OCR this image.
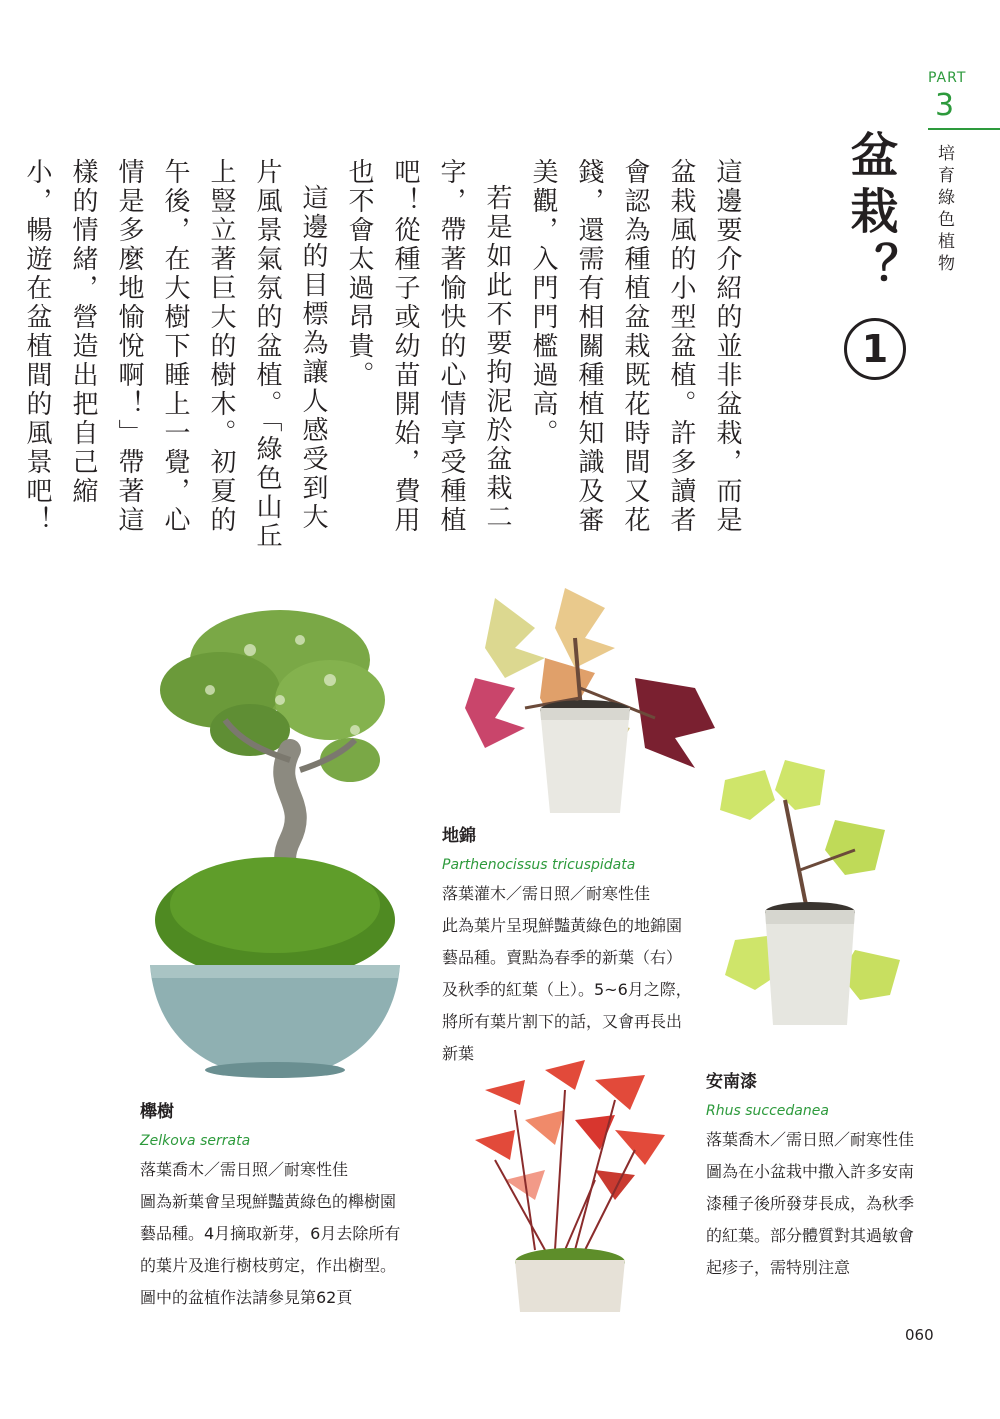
PART
3
培育綠色植物
盆栽？
1

這邊要介紹的並非盆栽，而是盆栽風的小型盆植。許多讀者會認為種植盆栽既花時間又花錢，還需有相關種植知識及審美觀，入門門檻過高。

若是如此不要拘泥於盆栽二字，帶著愉快的心情享受種植吧！從種子或幼苗開始，費用也不會太過昂貴。

這邊的目標為讓人感受到大片風景氣氛的盆植。「綠色山丘上豎立著巨大的樹木。初夏的午後，在大樹下睡上一覺，心情是多麼地愉悅啊！」帶著這樣的情緒，營造出把自己縮小，暢遊在盆植間的風景吧！

地錦
Parthenocissus tricuspidata
落葉灌木／需日照／耐寒性佳
此為葉片呈現鮮豔黃綠色的地錦園
藝品種。賣點為春季的新葉（右）
及秋季的紅葉（上）。5~6月之際，
將所有葉片割下的話，又會再長出
新葉
安南漆
Rhus succedanea
落葉喬木／需日照／耐寒性佳
圖為在小盆栽中撒入許多安南
漆種子後所發芽長成，為秋季
的紅葉。部分體質對其過敏會
起疹子，需特別注意
櫸樹
Zelkova serrata
落葉喬木／需日照／耐寒性佳
圖為新葉會呈現鮮豔黃綠色的櫸樹園
藝品種。4月摘取新芽，6月去除所有
的葉片及進行樹枝剪定，作出樹型。
圖中的盆植作法請參見第62頁
060
